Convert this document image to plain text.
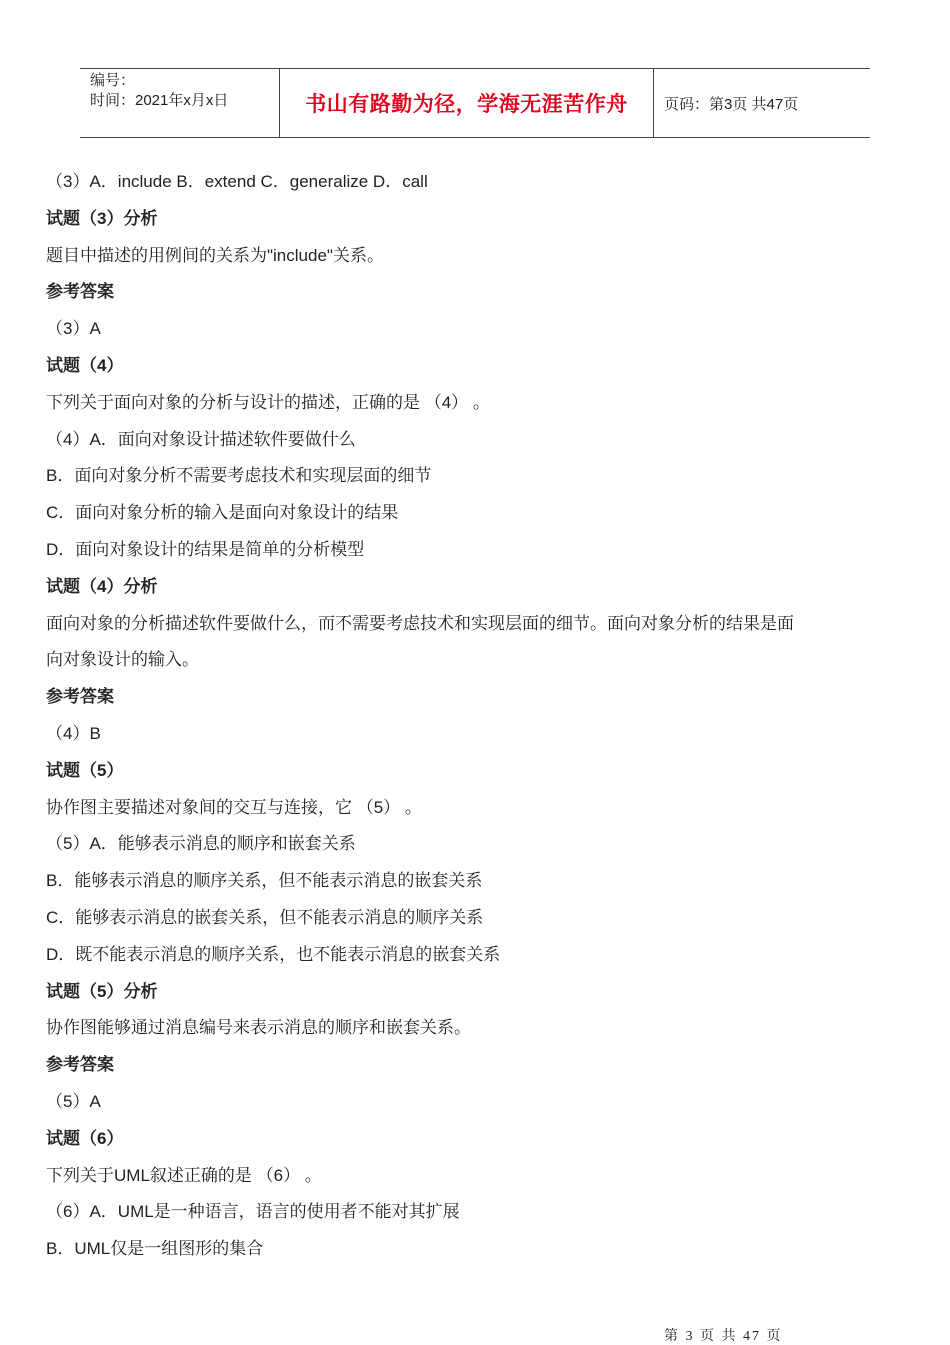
编号：
时间：2021年x月x日	书山有路勤为径，学海无涯苦作舟 页码：第3页 共47页
（3）A．include B．extend C．generalize D．call
试题（3）分析
题目中描述的用例间的关系为"include"关系。
参考答案
（3）A
试题（4）
下列关于面向对象的分析与设计的描述，正确的是 （4） 。
（4）A．面向对象设计描述软件要做什么
B．面向对象分析不需要考虑技术和实现层面的细节
C．面向对象分析的输入是面向对象设计的结果
D．面向对象设计的结果是简单的分析模型
试题（4）分析
面向对象的分析描述软件要做什么，而不需要考虑技术和实现层面的细节。面向对象分析的结果是面
向对象设计的输入。
参考答案
（4）B
试题（5）
协作图主要描述对象间的交互与连接，它 （5） 。
（5）A．能够表示消息的顺序和嵌套关系
B．能够表示消息的顺序关系，但不能表示消息的嵌套关系
C．能够表示消息的嵌套关系，但不能表示消息的顺序关系
D．既不能表示消息的顺序关系，也不能表示消息的嵌套关系
试题（5）分析
协作图能够通过消息编号来表示消息的顺序和嵌套关系。
参考答案
（5）A
试题（6）
下列关于UML叙述正确的是 （6） 。
（6）A．UML是一种语言，语言的使用者不能对其扩展
B．UML仅是一组图形的集合
第 3 页 共 47 页
